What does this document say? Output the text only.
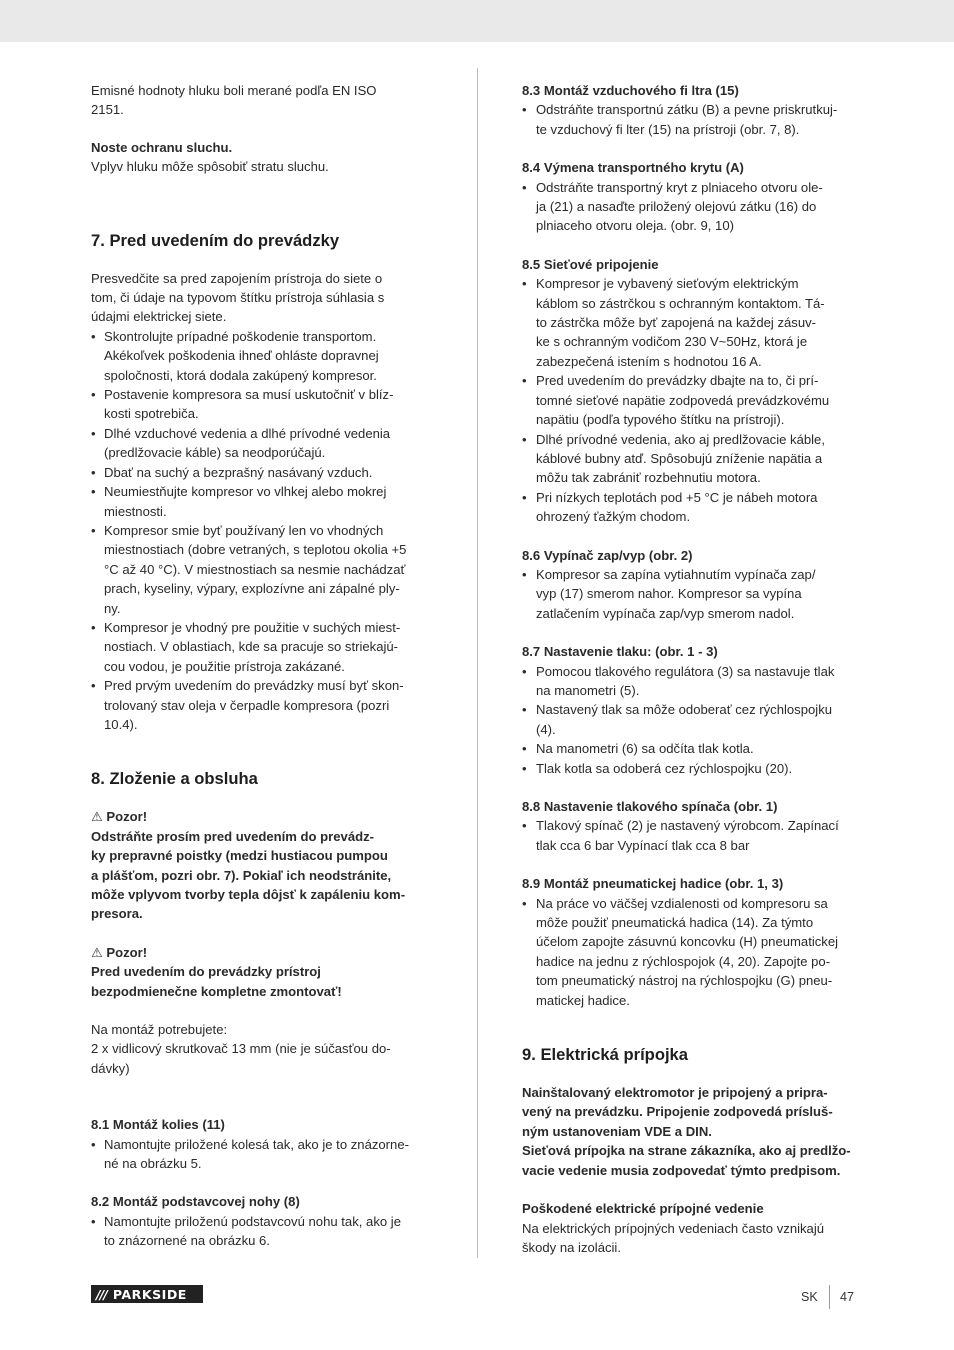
Emisné hodnoty hluku boli merané podľa EN ISO
2151.

Noste ochranu sluchu.

Vplyv hluku môže spôsobiť stratu sluchu.

7. Pred uvedením do prevádzky

Presvedčite sa pred zapojením prístroja do siete o
tom, či údaje na typovom štítku prístroja súhlasia s
údajmi elektrickej siete.

• Skontrolujte prípadné poškodenie transportom.
Akékoľvek poškodenia ihneď ohláste dopravnej
spoločnosti, ktorá dodala zakúpený kompresor.
• Postavenie kompresora sa musí uskutočniť v blíz-
kosti spotrebiča.
• Dlhé vzduchové vedenia a dlhé prívodné vedenia
(predlžovacie káble) sa neodporúčajú.
• Dbať na suchý a bezprašný nasávaný vzduch.
• Neumiestňujte kompresor vo vlhkej alebo mokrej
miestnosti.
• Kompresor smie byť používaný len vo vhodných
miestnostiach (dobre vetraných, s teplotou okolia +5
°C až 40 °C). V miestnostiach sa nesmie nachádzať
prach, kyseliny, výpary, explozívne ani zápalné ply-
ny.
• Kompresor je vhodný pre použitie v suchých miest-
nostiach. V oblastiach, kde sa pracuje so striekajú-
cou vodou, je použitie prístroja zakázané.
• Pred prvým uvedením do prevádzky musí byť skon-
trolovaný stav oleja v čerpadle kompresora (pozri
10.4).
8. Zloženie a obsluha

⚠ Pozor!

Odstráňte prosím pred uvedením do prevádz-
ky prepravné poistky (medzi hustiacou pumpou
a plášťom, pozri obr. 7). Pokiaľ ich neodstránite,
môže vplyvom tvorby tepla dôjsť k zapáleniu kom-
presora.

⚠ Pozor!

Pred uvedením do prevádzky prístroj
bezpodmienečne kompletne zmontovať!

Na montáž potrebujete:
2 x vidlicový skrutkovač 13 mm (nie je súčasťou do-
dávky)

8.1 Montáž kolies (11)

• Namontujte priložené kolesá tak, ako je to znázorne-
né na obrázku 5.

8.2 Montáž podstavcovej nohy (8)

• Namontujte priloženú podstavcovú nohu tak, ako je
to znázornené na obrázku 6.

8.3 Montáž vzduchového fi ltra (15)

• Odstráňte transportnú zátku (B) a pevne priskrutkuj-
te vzduchový fi lter (15) na prístroji (obr. 7, 8).

8.4 Výmena transportného krytu (A)

• Odstráňte transportný kryt z plniaceho otvoru ole-
ja (21) a nasaďte priložený olejovú zátku (16) do
plniaceho otvoru oleja. (obr. 9, 10)

8.5 Sieťové pripojenie

• Kompresor je vybavený sieťovým elektrickým
káblom so zástrčkou s ochranným kontaktom. Tá-
to zástrčka môže byť zapojená na každej zásuv-
ke s ochranným vodičom 230 V~50Hz, ktorá je
zabezpečená istením s hodnotou 16 A.
• Pred uvedením do prevádzky dbajte na to, či prí-
tomné sieťové napätie zodpovedá prevádzkovému
napätiu (podľa typového štítku na prístroji).
• Dlhé prívodné vedenia, ako aj predlžovacie káble,
káblové bubny atď. Spôsobujú zníženie napätia a
môžu tak zabrániť rozbehnutiu motora.
• Pri nízkych teplotách pod +5 °C je nábeh motora
ohrozený ťažkým chodom.

8.6 Vypínač zap/vyp (obr. 2)

• Kompresor sa zapína vytiahnutím vypínača zap/
vyp (17) smerom nahor. Kompresor sa vypína
zatlačením vypínača zap/vyp smerom nadol.

8.7 Nastavenie tlaku: (obr. 1 - 3)

• Pomocou tlakového regulátora (3) sa nastavuje tlak
na manometri (5).
• Nastavený tlak sa môže odoberať cez rýchlospojku
(4).
• Na manometri (6) sa odčíta tlak kotla.
• Tlak kotla sa odoberá cez rýchlospojku (20).

8.8 Nastavenie tlakového spínača (obr. 1)

• Tlakový spínač (2) je nastavený výrobcom. Zapínací
tlak cca 6 bar Vypínací tlak cca 8 bar

8.9 Montáž pneumatickej hadice (obr. 1, 3)

• Na práce vo väčšej vzdialenosti od kompresoru sa
môže použiť pneumatická hadica (14). Za týmto
účelom zapojte zásuvnú koncovku (H) pneumatickej
hadice na jednu z rýchlospojok (4, 20). Zapojte po-
tom pneumatický nástroj na rýchlospojku (G) pneu-
matickej hadice.
9. Elektrická prípojka

Nainštalovaný elektromotor je pripojený a pripra-
vený na prevádzku. Pripojenie zodpovedá prísluš-
ným ustanoveniam VDE a DIN.
Sieťová prípojka na strane zákazníka, ako aj predlžo-
vacie vedenie musia zodpovedať týmto predpisom.

Poškodené elektrické prípojné vedenie

Na elektrických prípojných vedeniach často vznikajú
škody na izolácii.

/// PARKSIDE	SK 47
